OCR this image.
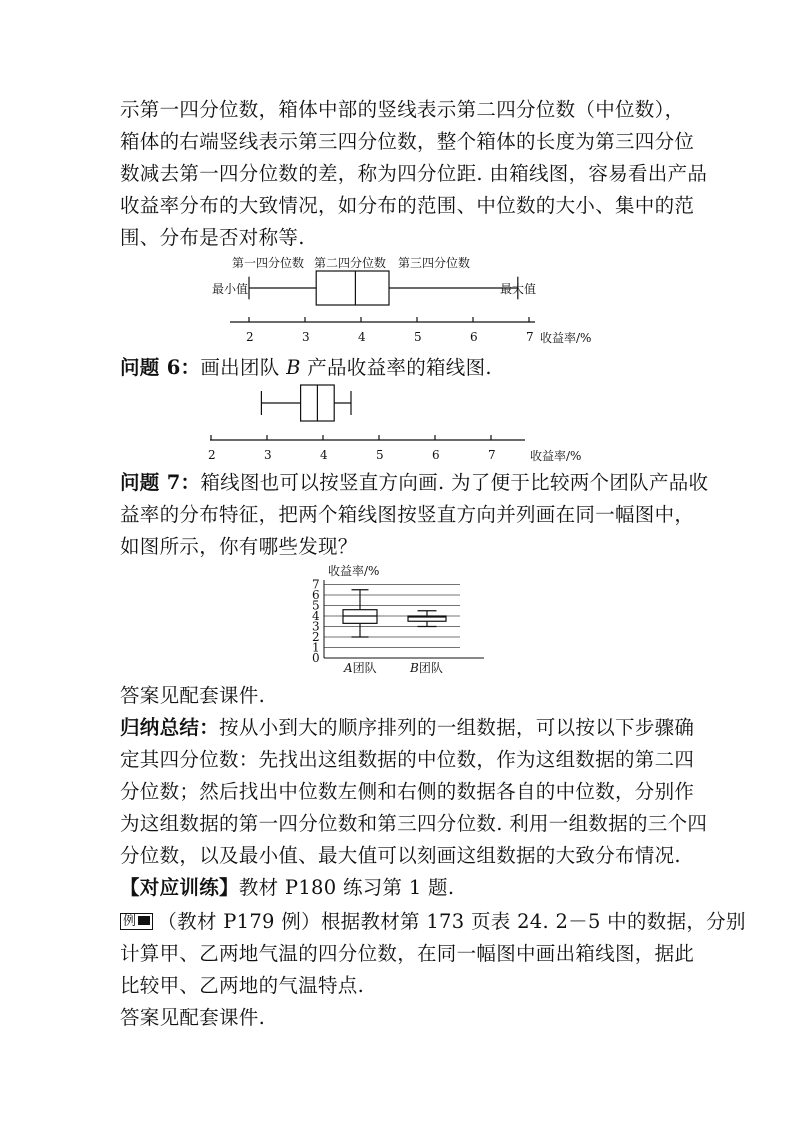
示第一四分位数，箱体中部的竖线表示第二四分位数（中位数），
箱体的右端竖线表示第三四分位数，整个箱体的长度为第三四分位
数减去第一四分位数的差，称为四分位距. 由箱线图，容易看出产品
收益率分布的大致情况，如分布的范围、中位数的大小、集中的范
围、分布是否对称等.
第一四分位数 第二四分位数 第三四分位数
最小值	最大值
2	3	4	5	6	7 收益率/%
问题 6：画出团队 B 产品收益率的箱线图.
2	3	4	5	6	7	收益率/%
问题 7：箱线图也可以按竖直方向画. 为了便于比较两个团队产品收
益率的分布特征，把两个箱线图按竖直方向并列画在同一幅图中，
如图所示，你有哪些发现？
收益率/%
7
6
5
4
3
2
1
0
A团队	B团队
答案见配套课件.
归纳总结：按从小到大的顺序排列的一组数据，可以按以下步骤确
定其四分位数：先找出这组数据的中位数，作为这组数据的第二四
分位数；然后找出中位数左侧和右侧的数据各自的中位数，分别作
为这组数据的第一四分位数和第三四分位数. 利用一组数据的三个四
分位数，以及最小值、最大值可以刻画这组数据的大致分布情况.
【对应训练】教材 P180 练习第 1 题.
例 （教材 P179 例）根据教材第 173 页表 24. 2－5 中的数据，分别
计算甲、乙两地气温的四分位数，在同一幅图中画出箱线图，据此
比较甲、乙两地的气温特点.
答案见配套课件.
